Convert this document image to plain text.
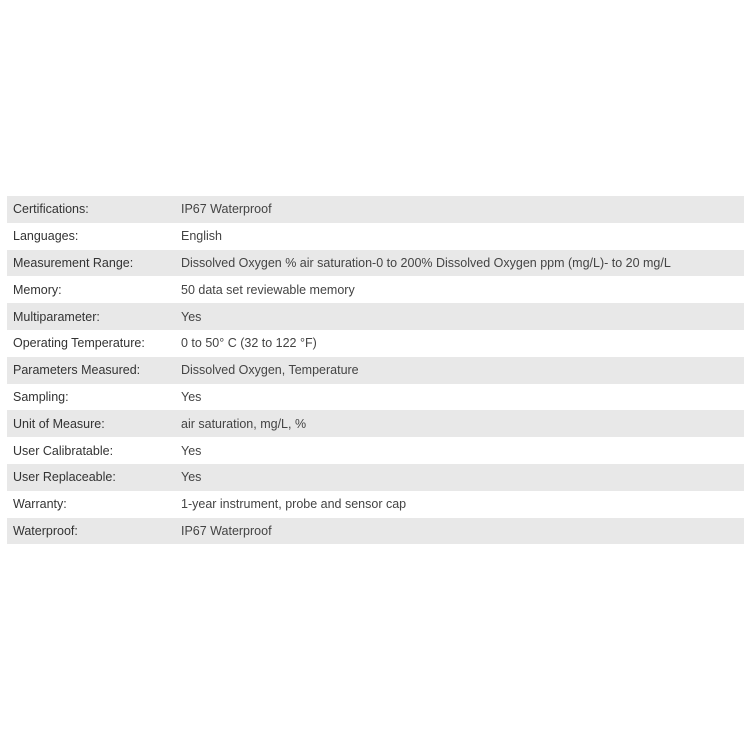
Certifications:	IP67 Waterproof
Languages:	English
Measurement Range:	Dissolved Oxygen % air saturation-0 to 200% Dissolved Oxygen ppm (mg/L)- to 20 mg/L
Memory:	50 data set reviewable memory
Multiparameter:	Yes
Operating Temperature:	0 to 50° C (32 to 122 °F)
Parameters Measured:	Dissolved Oxygen, Temperature
Sampling:	Yes
Unit of Measure:	air saturation, mg/L, %
User Calibratable:	Yes
User Replaceable:	Yes
Warranty:	1-year instrument, probe and sensor cap
Waterproof:	IP67 Waterproof
